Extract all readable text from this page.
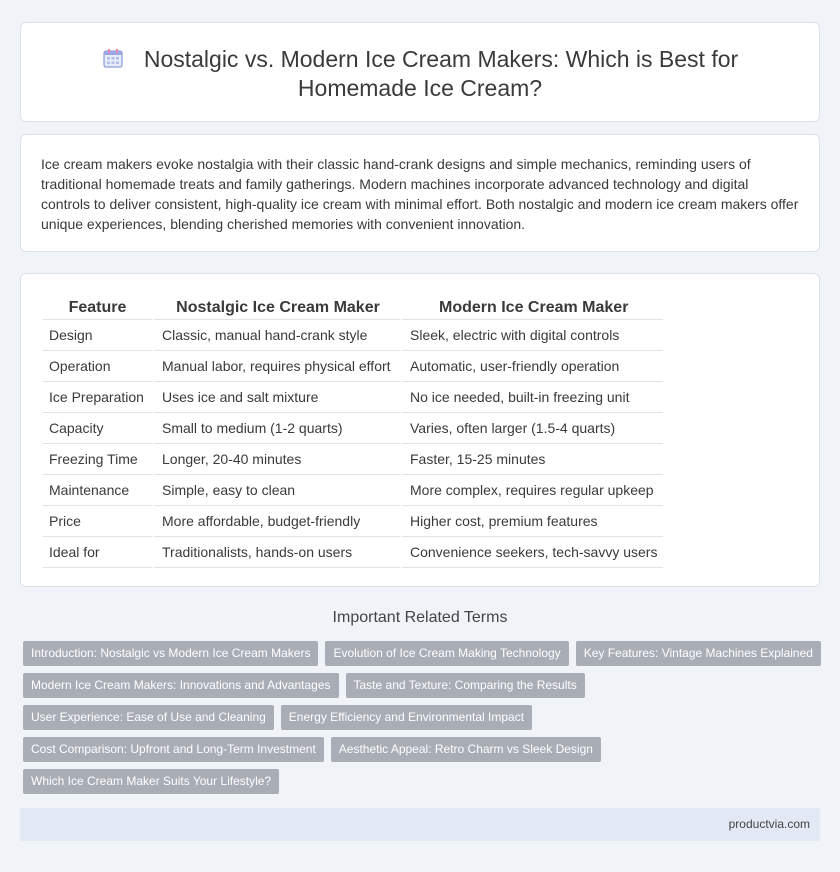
Nostalgic vs. Modern Ice Cream Makers: Which is Best for
Homemade Ice Cream?

Ice cream makers evoke nostalgia with their classic hand-crank designs and simple mechanics, reminding users of traditional homemade treats and family gatherings. Modern machines incorporate advanced technology and digital controls to deliver consistent, high-quality ice cream with minimal effort. Both nostalgic and modern ice cream makers offer unique experiences, blending cherished memories with convenient innovation.

Feature	Nostalgic Ice Cream Maker	Modern Ice Cream Maker
Design	Classic, manual hand-crank style	Sleek, electric with digital controls
Operation	Manual labor, requires physical effort	Automatic, user-friendly operation
Ice Preparation	Uses ice and salt mixture	No ice needed, built-in freezing unit
Capacity	Small to medium (1-2 quarts)	Varies, often larger (1.5-4 quarts)
Freezing Time	Longer, 20-40 minutes	Faster, 15-25 minutes
Maintenance	Simple, easy to clean	More complex, requires regular upkeep
Price	More affordable, budget-friendly	Higher cost, premium features
Ideal for	Traditionalists, hands-on users	Convenience seekers, tech-savvy users
Important Related Terms
Introduction: Nostalgic vs Modern Ice Cream Makers	Evolution of Ice Cream Making Technology	Key Features: Vintage Machines Explained
Modern Ice Cream Makers: Innovations and Advantages	Taste and Texture: Comparing the Results
User Experience: Ease of Use and Cleaning	Energy Efficiency and Environmental Impact
Cost Comparison: Upfront and Long-Term Investment	Aesthetic Appeal: Retro Charm vs Sleek Design
Which Ice Cream Maker Suits Your Lifestyle?
productvia.com
